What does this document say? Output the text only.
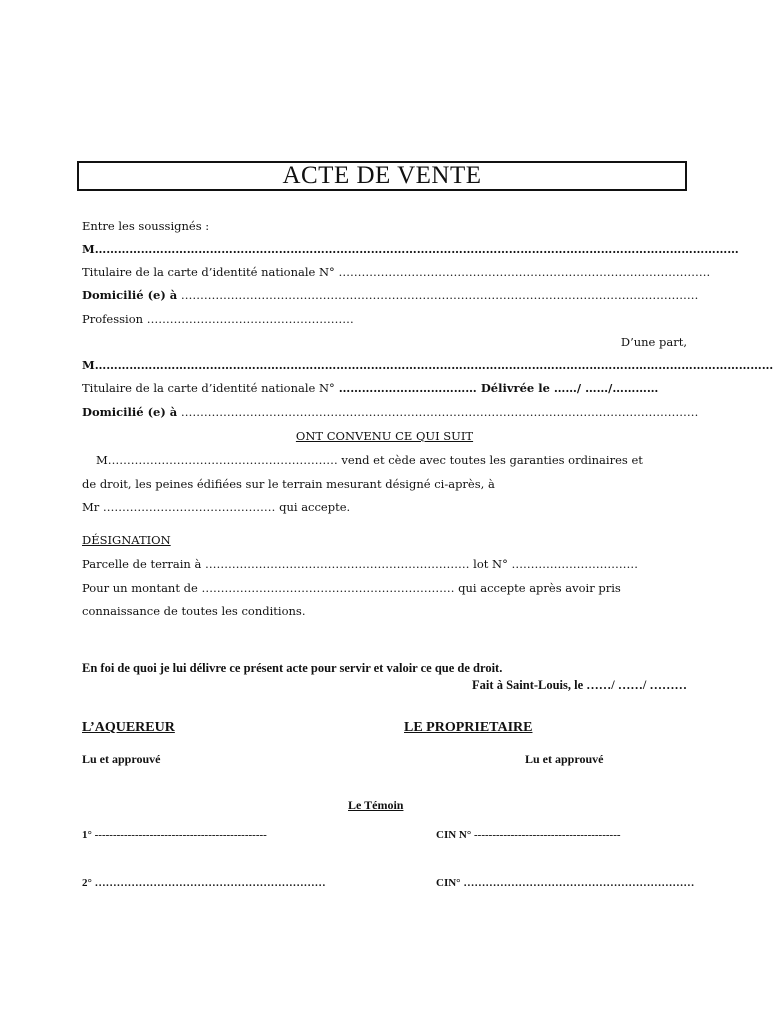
ACTE DE VENTE
Entre les soussignés :
M……………………………………………………………………………………………………………………………………………………
Titulaire de la carte d’identité nationale N° …………………………………………………………………………………….
Domicilié (e) à ………………………………………………………………………………………………………………………
Profession ………………………………………………
D’une part,
M……………………………………………………………………………………………………………………………………………………………
Titulaire de la carte d’identité nationale N° ……………………………… Délivrée le ……/ ……/…………
Domicilié (e) à ………………………………………………………………………………………………………………………
ONT CONVENU CE QUI SUIT
M…………………………………………………… vend et cède avec toutes les garanties ordinaires et
de droit, les peines édifiées sur le terrain mesurant désigné ci-après, à
Mr ……………………………………… qui accepte.
DÉSIGNATION
Parcelle de terrain à …………………………………………………………… lot N° ……………………………
Pour un montant de ………………………………………………………… qui accepte après avoir pris
connaissance de toutes les conditions.
En foi de quoi je lui délivre ce présent acte pour servir et valoir ce que de droit.
Fait à Saint-Louis, le ……/ ……/ ………
L’AQUEREUR	LE PROPRIETAIRE
Lu et approuvé	Lu et approuvé
Le Témoin
1° -----------------------------------------------	CIN N° ----------------------------------------
2° ………………………………………………………	CIN° ………………………………………………………
